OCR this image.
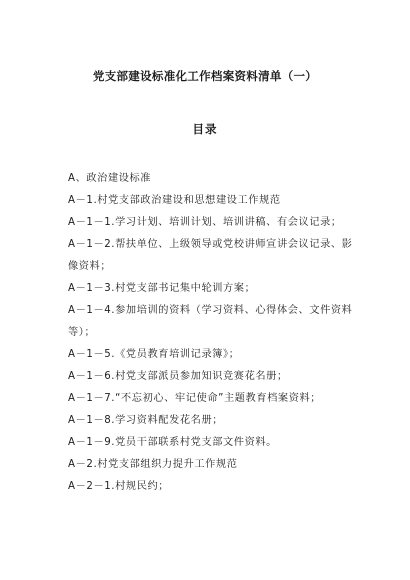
党支部建设标准化工作档案资料清单（一）
目录

A、政治建设标准

A－1.村党支部政治建设和思想建设工作规范

A－1－1.学习计划、培训计划、培训讲稿、有会议记录；

A－1－2.帮扶单位、上级领导或党校讲师宣讲会议记录、影像资料；

A－1－3.村党支部书记集中轮训方案；

A－1－4.参加培训的资料（学习资料、心得体会、文件资料等）；

A－1－5.《党员教育培训记录簿》；

A－1－6.村党支部派员参加知识竞赛花名册；

A－1－7.“不忘初心、牢记使命”主题教育档案资料；

A－1－8.学习资料配发花名册；

A－1－9.党员干部联系村党支部文件资料。

A－2.村党支部组织力提升工作规范

A－2－1.村规民约；
